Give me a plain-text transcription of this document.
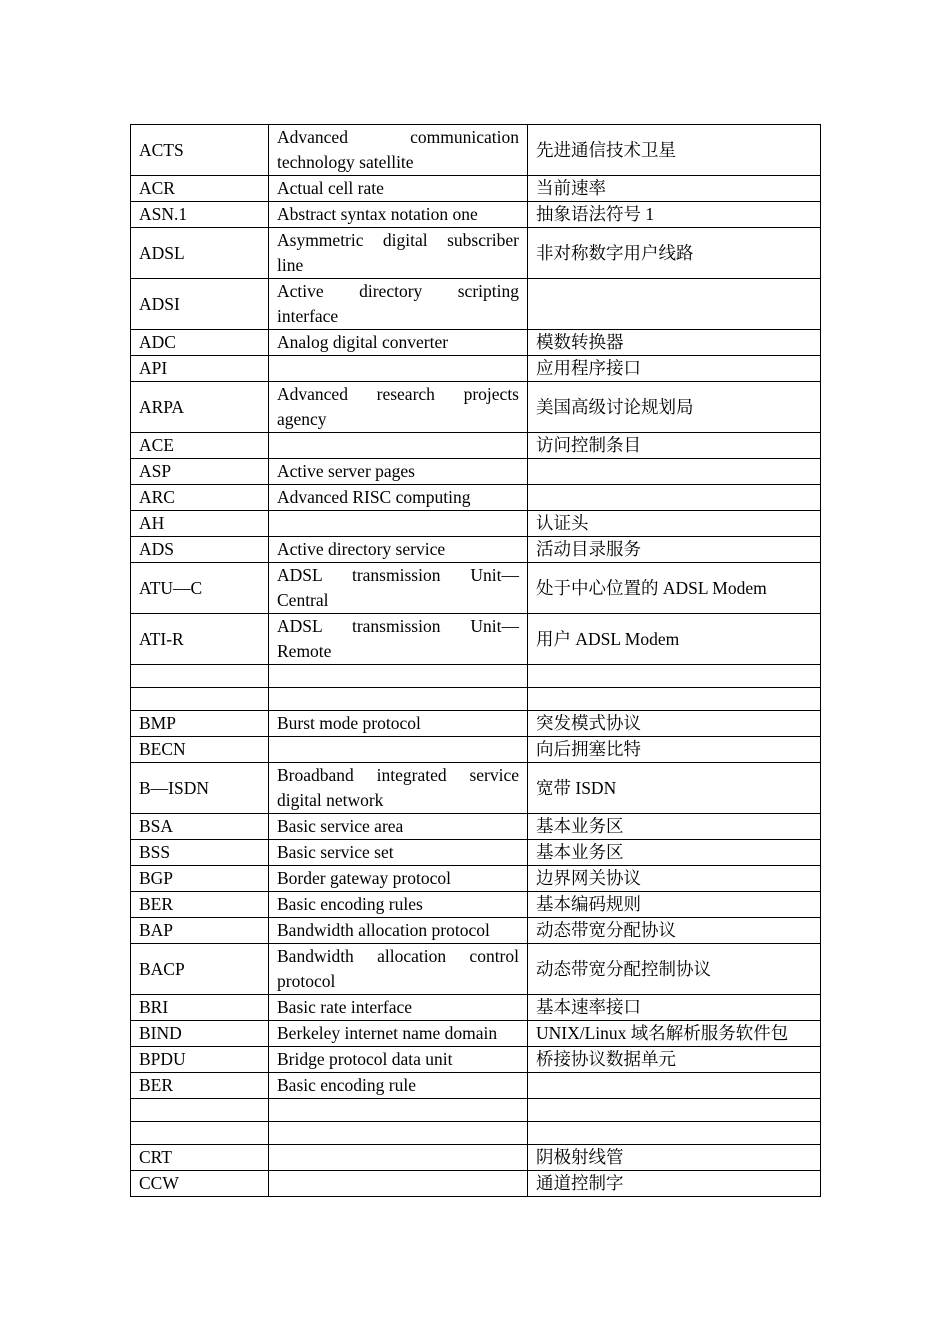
ACTS	Advanced communication technology satellite	先进通信技术卫星
ACR	Actual cell rate	当前速率
ASN.1	Abstract syntax notation one	抽象语法符号 1
ADSL	Asymmetric digital subscriber line	非对称数字用户线路
ADSI	Active directory scripting interface	
ADC	Analog digital converter	模数转换器
API		应用程序接口
ARPA	Advanced research projects agency	美国高级讨论规划局
ACE		访问控制条目
ASP	Active server pages	
ARC	Advanced RISC computing	
AH		认证头
ADS	Active directory service	活动目录服务
ATU—C	ADSL transmission Unit—Central	处于中心位置的 ADSL Modem
ATI-R	ADSL transmission Unit—Remote	用户 ADSL Modem

BMP	Burst mode protocol	突发模式协议
BECN		向后拥塞比特
B—ISDN	Broadband integrated service digital network	宽带 ISDN
BSA	Basic service area	基本业务区
BSS	Basic service set	基本业务区
BGP	Border gateway protocol	边界网关协议
BER	Basic encoding rules	基本编码规则
BAP	Bandwidth allocation protocol	动态带宽分配协议
BACP	Bandwidth allocation control protocol	动态带宽分配控制协议
BRI	Basic rate interface	基本速率接口
BIND	Berkeley internet name domain	UNIX/Linux 域名解析服务软件包
BPDU	Bridge protocol data unit	桥接协议数据单元
BER	Basic encoding rule	

CRT		阴极射线管
CCW		通道控制字
